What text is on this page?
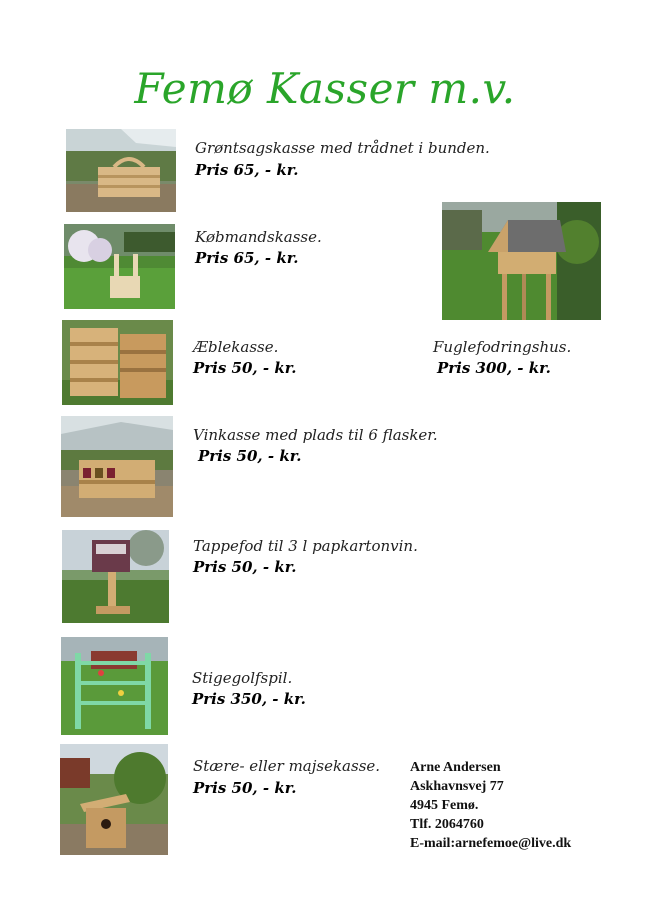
Femø Kasser m.v.
Grøntsagskasse med trådnet i bunden.
Pris 65, - kr.
Købmandskasse.
Pris 65, - kr.
Æblekasse.
Pris 50, - kr.
Fuglefodringshus.
Pris 300, - kr.
Vinkasse med plads til 6 flasker.
Pris 50, - kr.
Tappefod til 3 l papkartonvin.
Pris 50, - kr.
Stigegolfspil.
Pris 350, - kr.
Stære- eller majsekasse.
Pris 50, - kr.
Arne Andersen
Askhavnsvej 77
4945 Femø.
Tlf. 2064760
E-mail:arnefemoe@live.dk
